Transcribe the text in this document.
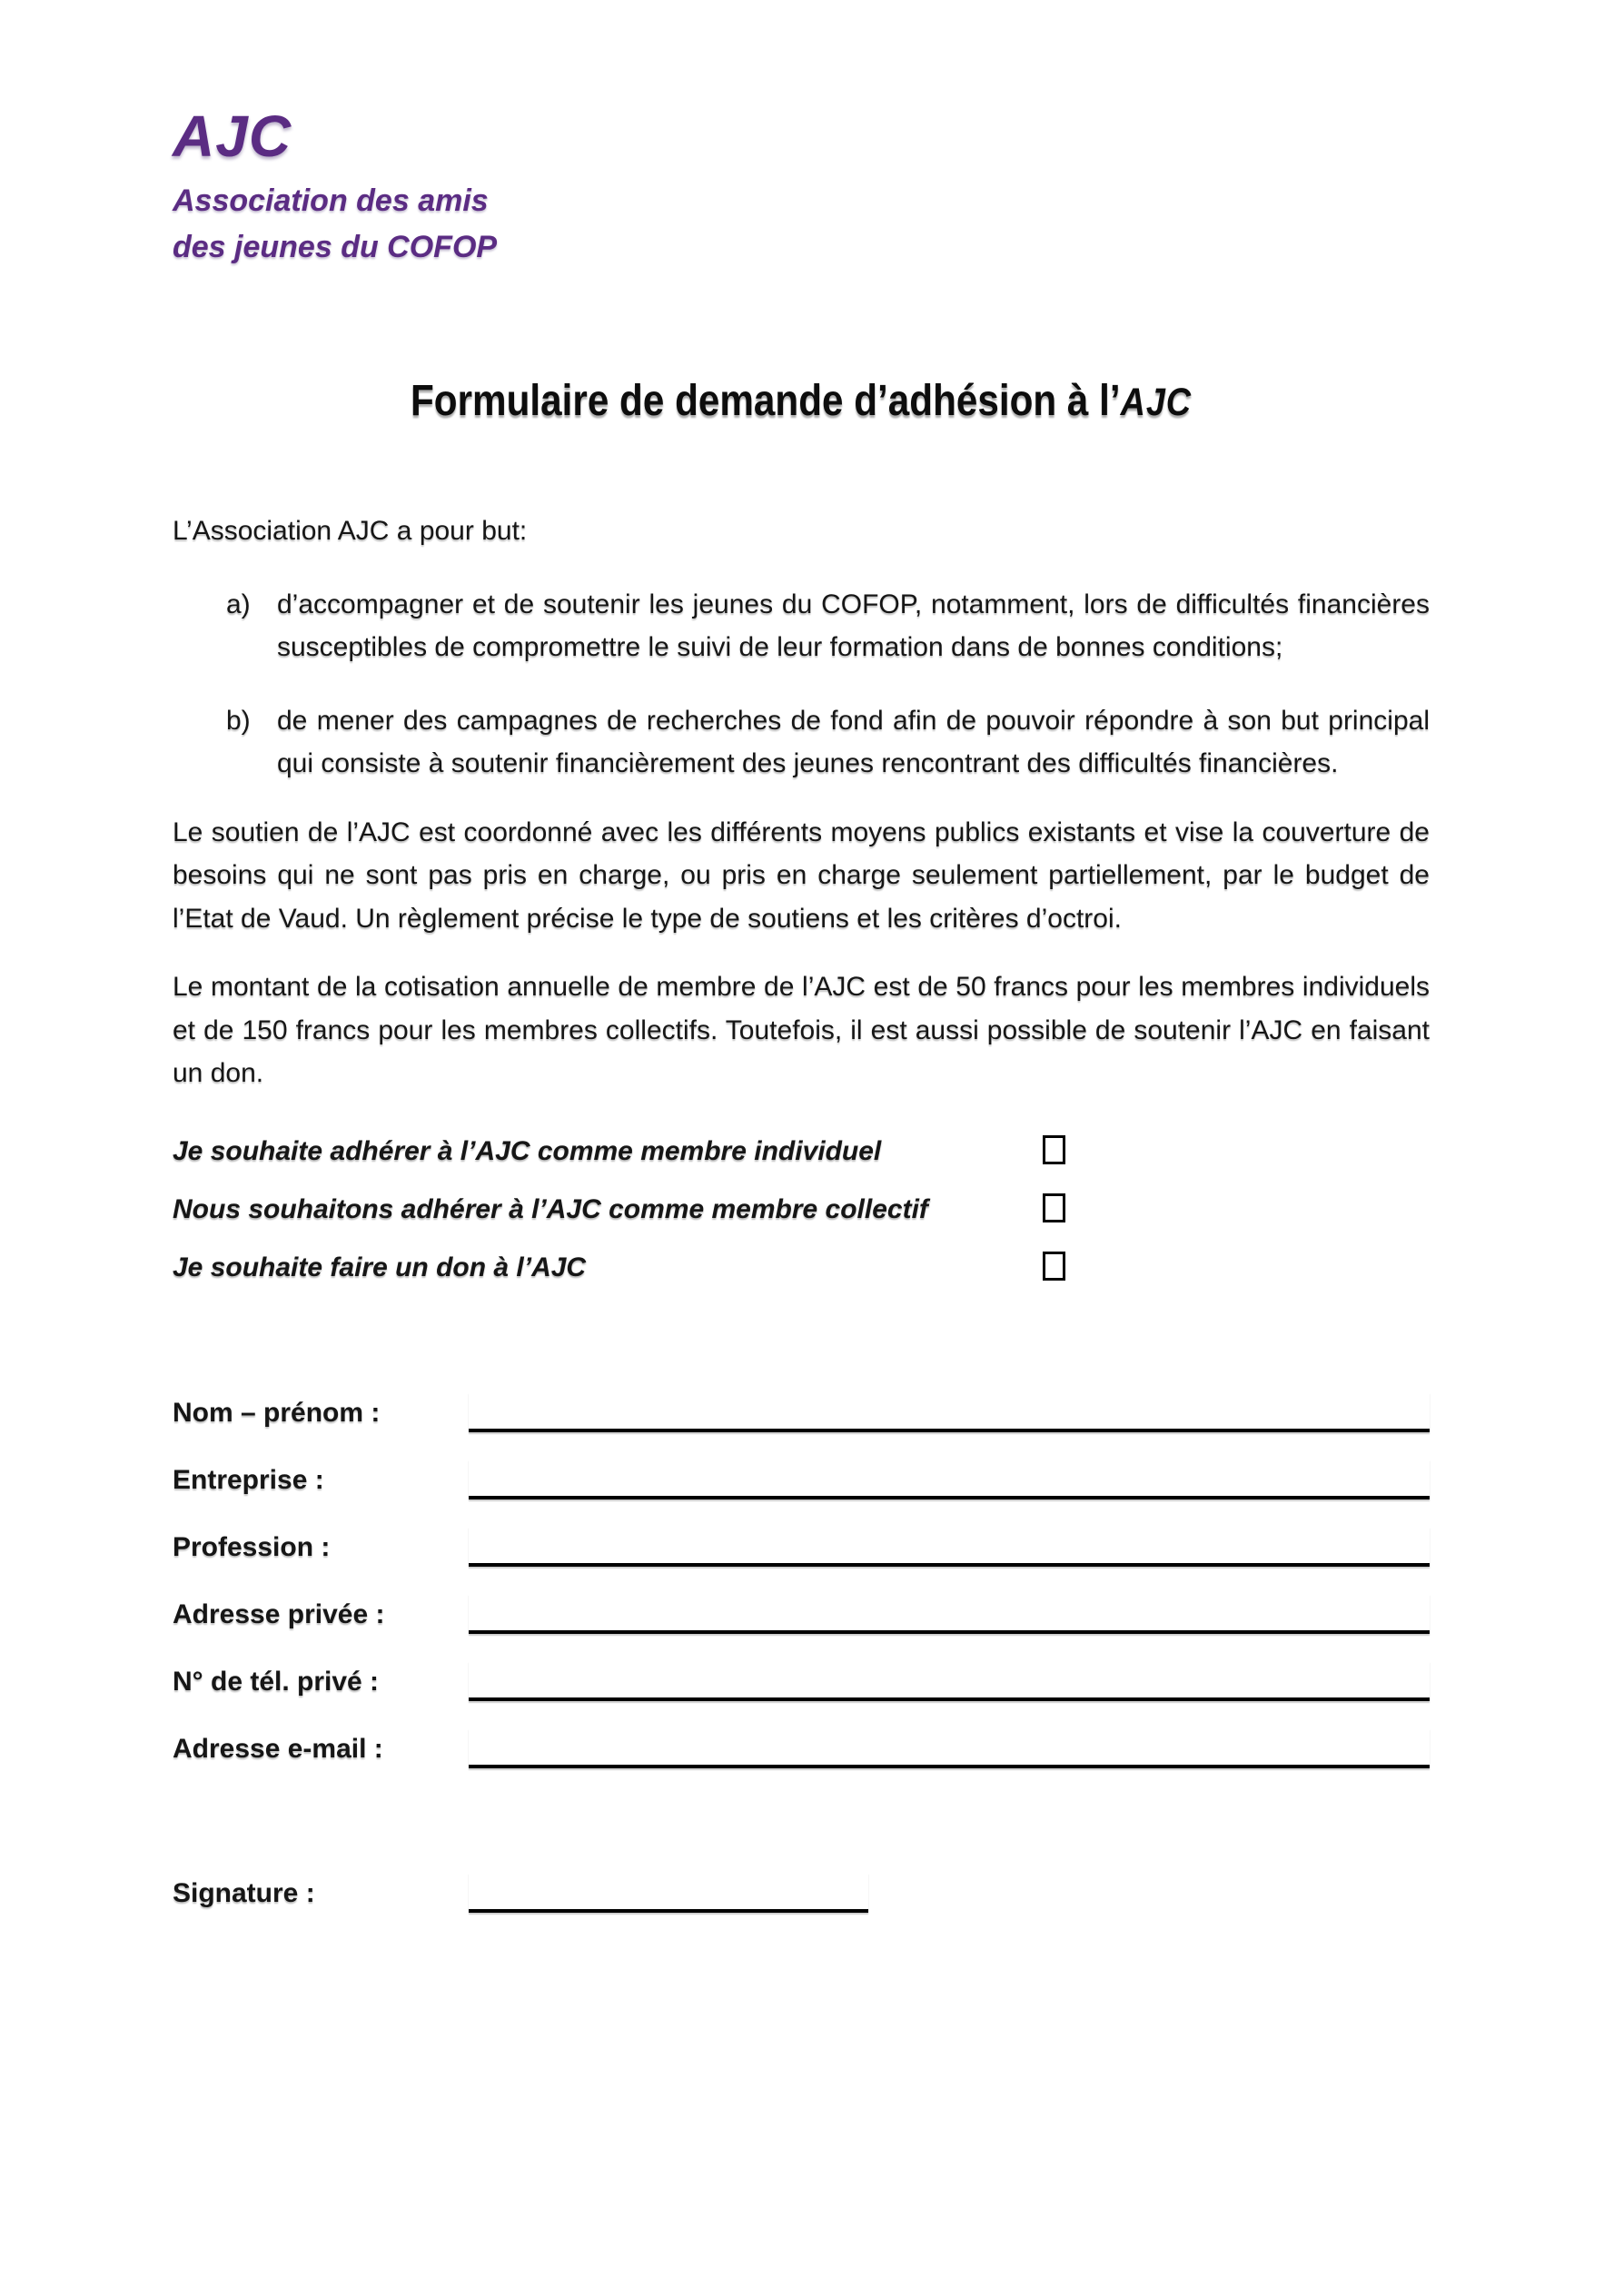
AJC
Association des amis
des jeunes du COFOP
Formulaire de demande d’adhésion à l’AJC
L’Association AJC a pour but:
a) d’accompagner et de soutenir les jeunes du COFOP, notamment, lors de difficultés financières susceptibles de compromettre le suivi de leur formation dans de bonnes conditions;
b) de mener des campagnes de recherches de fond afin de pouvoir répondre à son but principal qui consiste à soutenir financièrement des jeunes rencontrant des difficultés financières.
Le soutien de l’AJC est coordonné avec les différents moyens publics existants et vise la couverture de besoins qui ne sont pas pris en charge, ou pris en charge seulement partiellement, par le budget de l’Etat de Vaud. Un règlement précise le type de soutiens et les critères d’octroi.
Le montant de la cotisation annuelle de membre de l’AJC est de 50 francs pour les membres individuels et de 150 francs pour les membres collectifs. Toutefois, il est aussi possible de soutenir l’AJC en faisant un don.
Je souhaite adhérer à l’AJC comme membre individuel
Nous souhaitons adhérer à l’AJC comme membre collectif
Je souhaite faire un don à l’AJC
Nom – prénom :
Entreprise :
Profession :
Adresse privée :
N° de tél. privé :
Adresse e-mail :
Signature :
